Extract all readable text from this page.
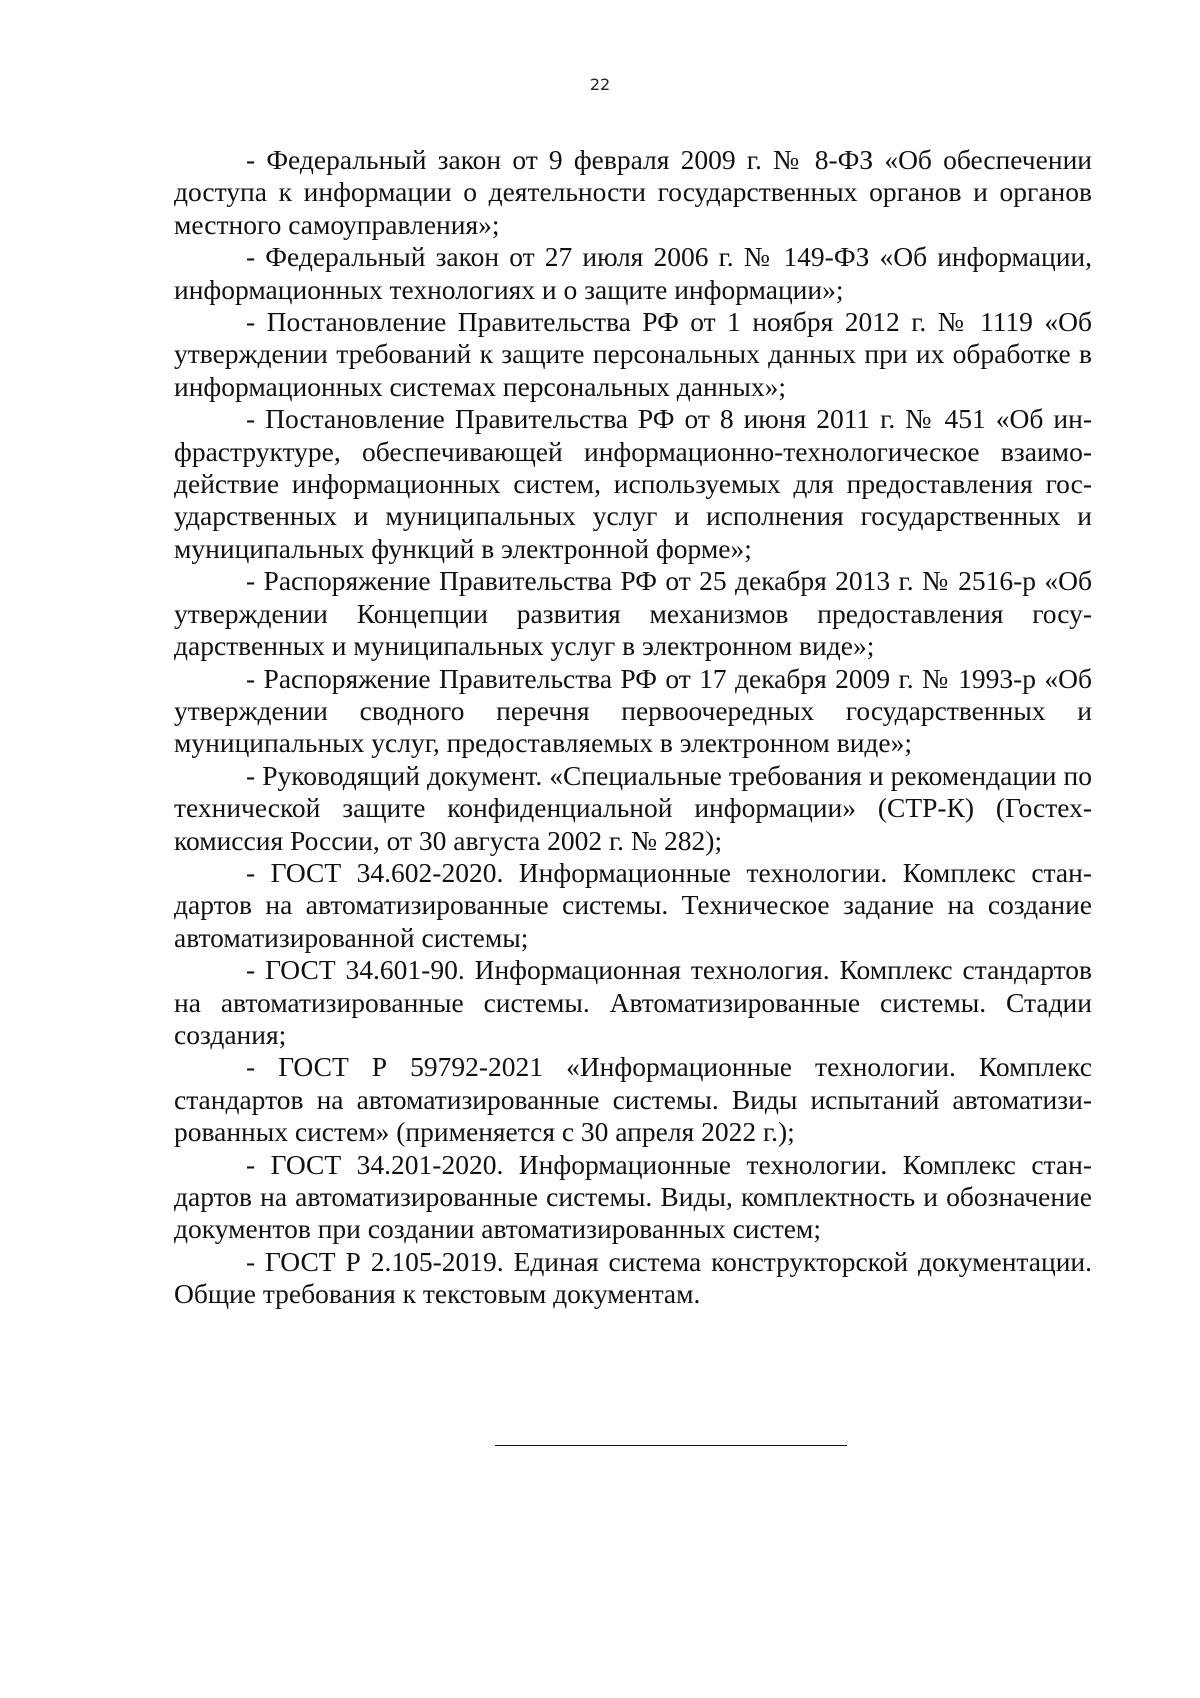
22

- Федеральный закон от 9 февраля 2009 г. № 8-ФЗ «Об обеспечении доступа к информации о деятельности государственных органов и органов местного самоуправления»;

- Федеральный закон от 27 июля 2006 г. № 149-ФЗ «Об информации, информационных технологиях и о защите информации»;

- Постановление Правительства РФ от 1 ноября 2012 г. № 1119 «Об утверждении требований к защите персональных данных при их обработке в информационных системах персональных данных»;

- Постановление Правительства РФ от 8 июня 2011 г. № 451 «Об инфраструктуре, обеспечивающей информационно-технологическое взаимодействие информационных систем, используемых для предоставления государственных и муниципальных услуг и исполнения государственных и муниципальных функций в электронной форме»;

- Распоряжение Правительства РФ от 25 декабря 2013 г. № 2516-р «Об утверждении Концепции развития механизмов предоставления государственных и муниципальных услуг в электронном виде»;

- Распоряжение Правительства РФ от 17 декабря 2009 г. № 1993-р «Об утверждении сводного перечня первоочередных государственных и муниципальных услуг, предоставляемых в электронном виде»;

- Руководящий документ. «Специальные требования и рекомендации по технической защите конфиденциальной информации» (СТР-К) (Гостехкомиссия России, от 30 августа 2002 г. № 282);

- ГОСТ 34.602-2020. Информационные технологии. Комплекс стандартов на автоматизированные системы. Техническое задание на создание автоматизированной системы;

- ГОСТ 34.601-90. Информационная технология. Комплекс стандартов на автоматизированные системы. Автоматизированные системы. Стадии создания;

- ГОСТ Р 59792-2021 «Информационные технологии. Комплекс стандартов на автоматизированные системы. Виды испытаний автоматизированных систем» (применяется с 30 апреля 2022 г.);

- ГОСТ 34.201-2020. Информационные технологии. Комплекс стандартов на автоматизированные системы. Виды, комплектность и обозначение документов при создании автоматизированных систем;

- ГОСТ Р 2.105-2019. Единая система конструкторской документации. Общие требования к текстовым документам.
